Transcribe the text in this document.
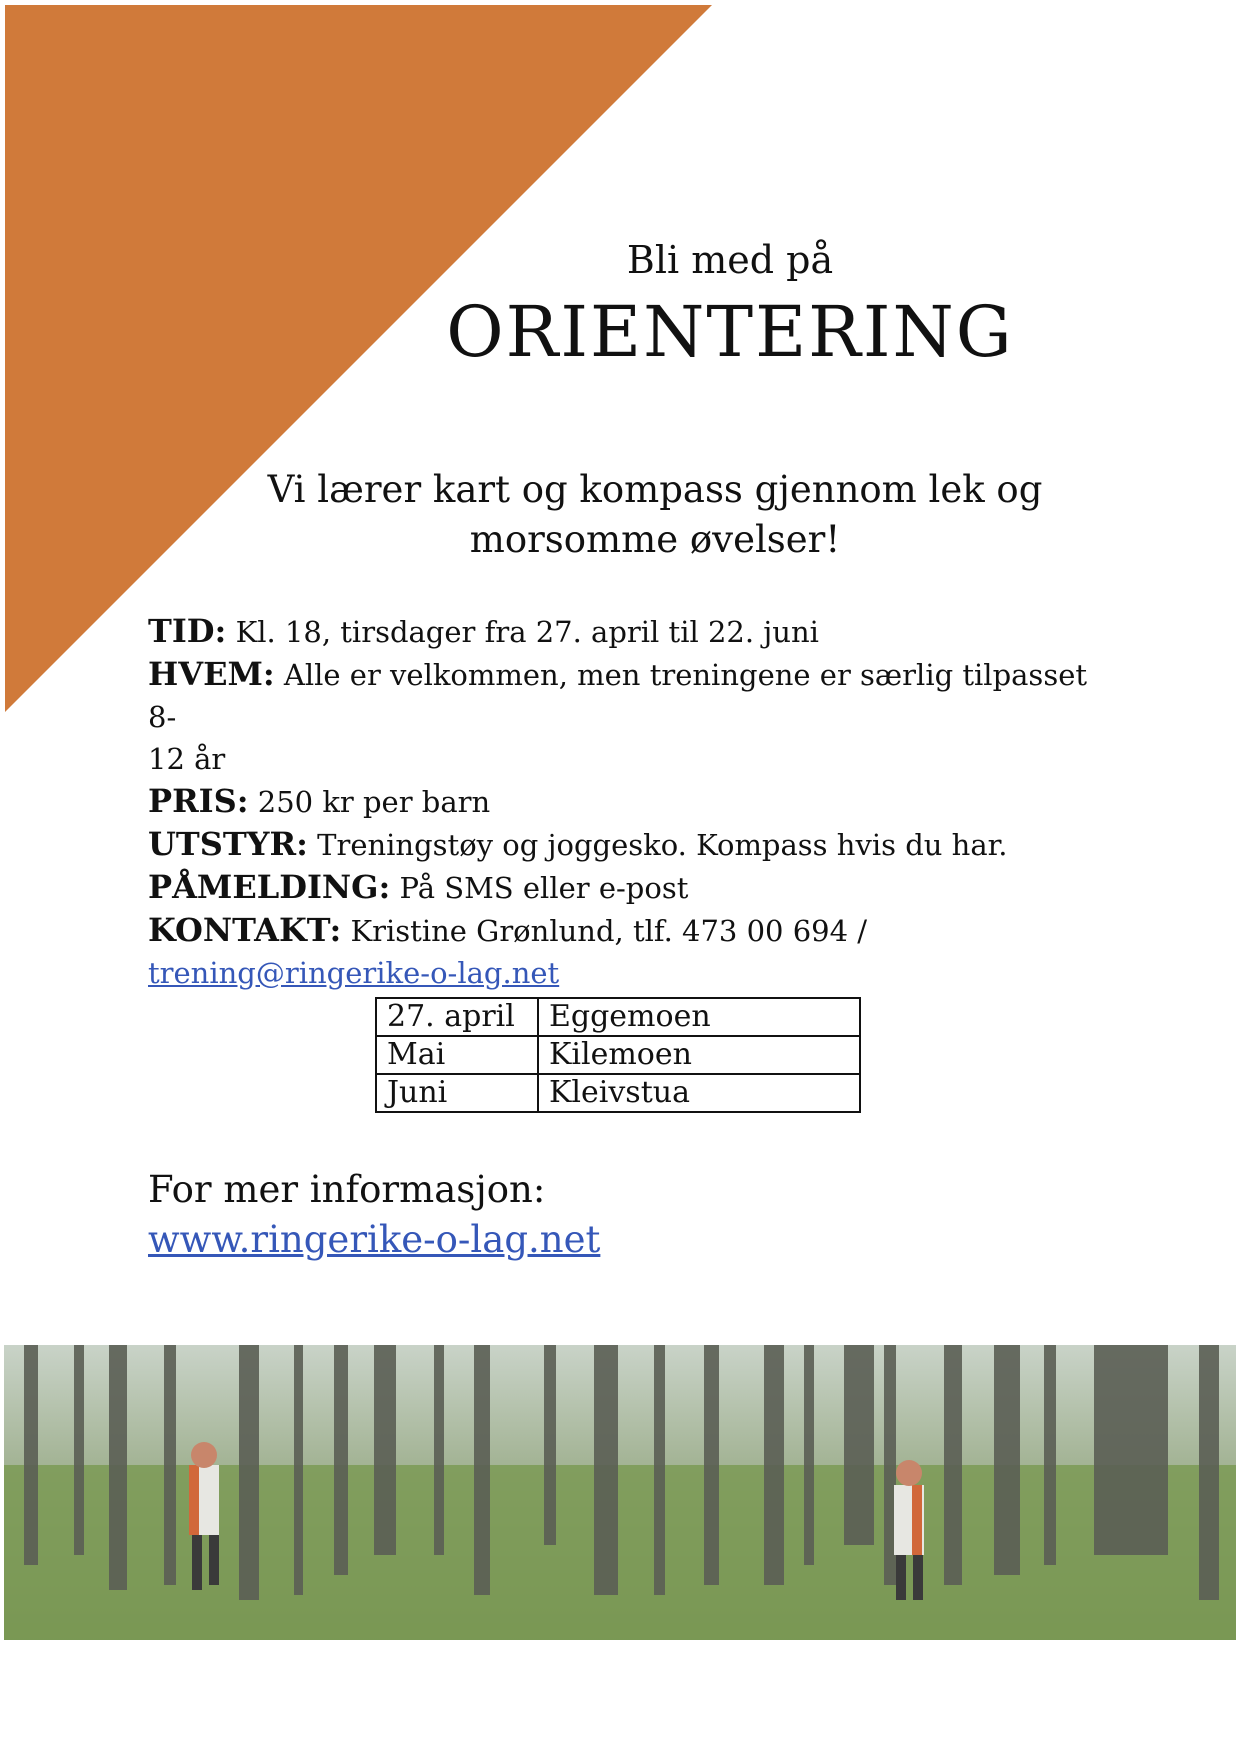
Bli med på
ORIENTERING
Vi lærer kart og kompass gjennom lek og
morsomme øvelser!

TID: Kl. 18, tirsdager fra 27. april til 22. juni

HVEM: Alle er velkommen, men treningene er særlig tilpasset 8-
12 år

PRIS: 250 kr per barn

UTSTYR: Treningstøy og joggesko. Kompass hvis du har.

PÅMELDING: På SMS eller e-post

KONTAKT: Kristine Grønlund, tlf. 473 00 694 /
trening@ringerike-o-lag.net

27. april	Eggemoen
Mai	Kilemoen
Juni	Kleivstua
For mer informasjon:
www.ringerike-o-lag.net
